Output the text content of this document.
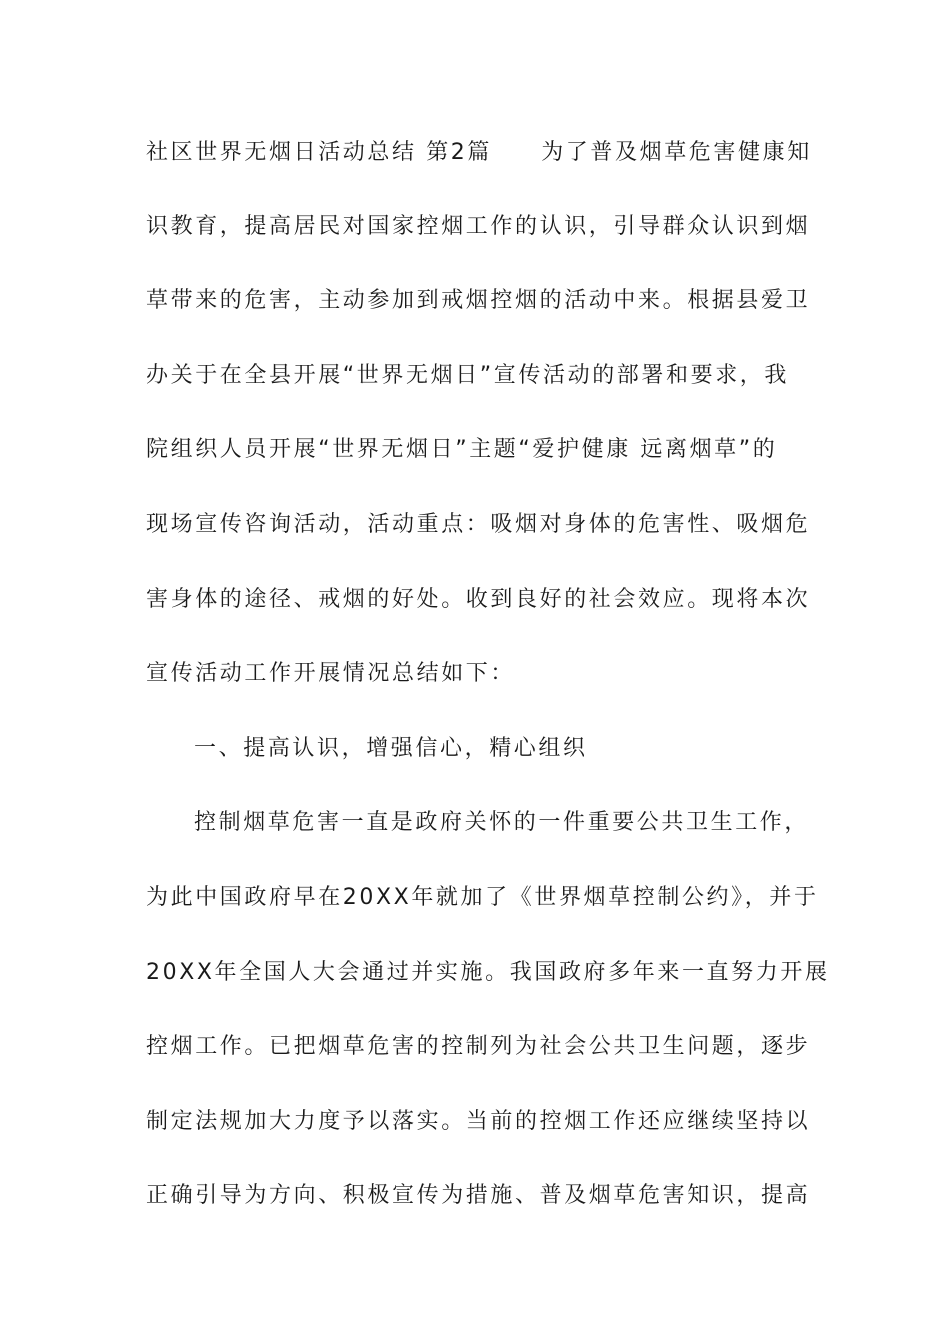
社区世界无烟日活动总结 第2篇　　为了普及烟草危害健康知
识教育，提高居民对国家控烟工作的认识，引导群众认识到烟
草带来的危害，主动参加到戒烟控烟的活动中来。根据县爱卫
办关于在全县开展“世界无烟日”宣传活动的部署和要求，我
院组织人员开展“世界无烟日”主题“爱护健康 远离烟草”的
现场宣传咨询活动，活动重点：吸烟对身体的危害性、吸烟危
害身体的途径、戒烟的好处。收到良好的社会效应。现将本次
宣传活动工作开展情况总结如下：
一、提高认识，增强信心，精心组织
控制烟草危害一直是政府关怀的一件重要公共卫生工作，
为此中国政府早在20XX年就加了《世界烟草控制公约》，并于
20XX年全国人大会通过并实施。我国政府多年来一直努力开展
控烟工作。已把烟草危害的控制列为社会公共卫生问题，逐步
制定法规加大力度予以落实。当前的控烟工作还应继续坚持以
正确引导为方向、积极宣传为措施、普及烟草危害知识，提高
